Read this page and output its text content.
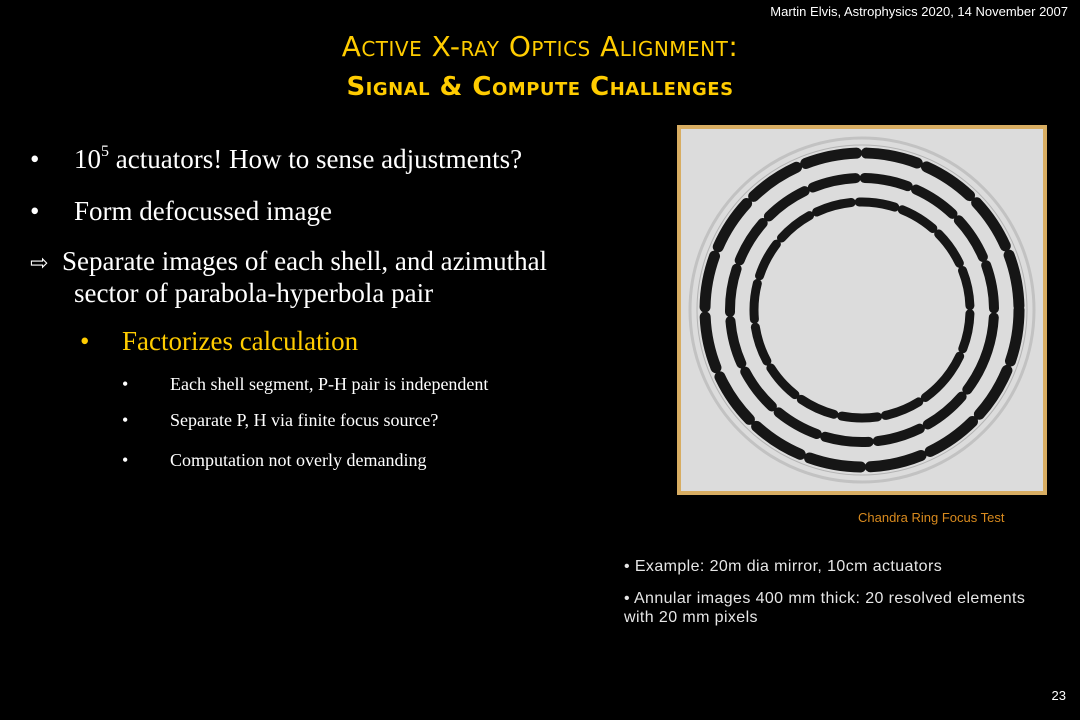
Martin Elvis, Astrophysics 2020, 14 November 2007
Active X-ray Optics Alignment:
Signal & Compute Challenges
• $10^5$ actuators! How to sense adjustments?
• Form defocussed image
⇨ Separate images of each shell, and azimuthal
sector of parabola-hyperbola pair
• Factorizes calculation
• Each shell segment, P-H pair is independent
• Separate P, H via finite focus source?
• Computation not overly demanding
Chandra Ring Focus Test
• Example: 20m dia mirror, 10cm actuators
• Annular images 400 mm thick: 20 resolved elements with 20 mm pixels
23
